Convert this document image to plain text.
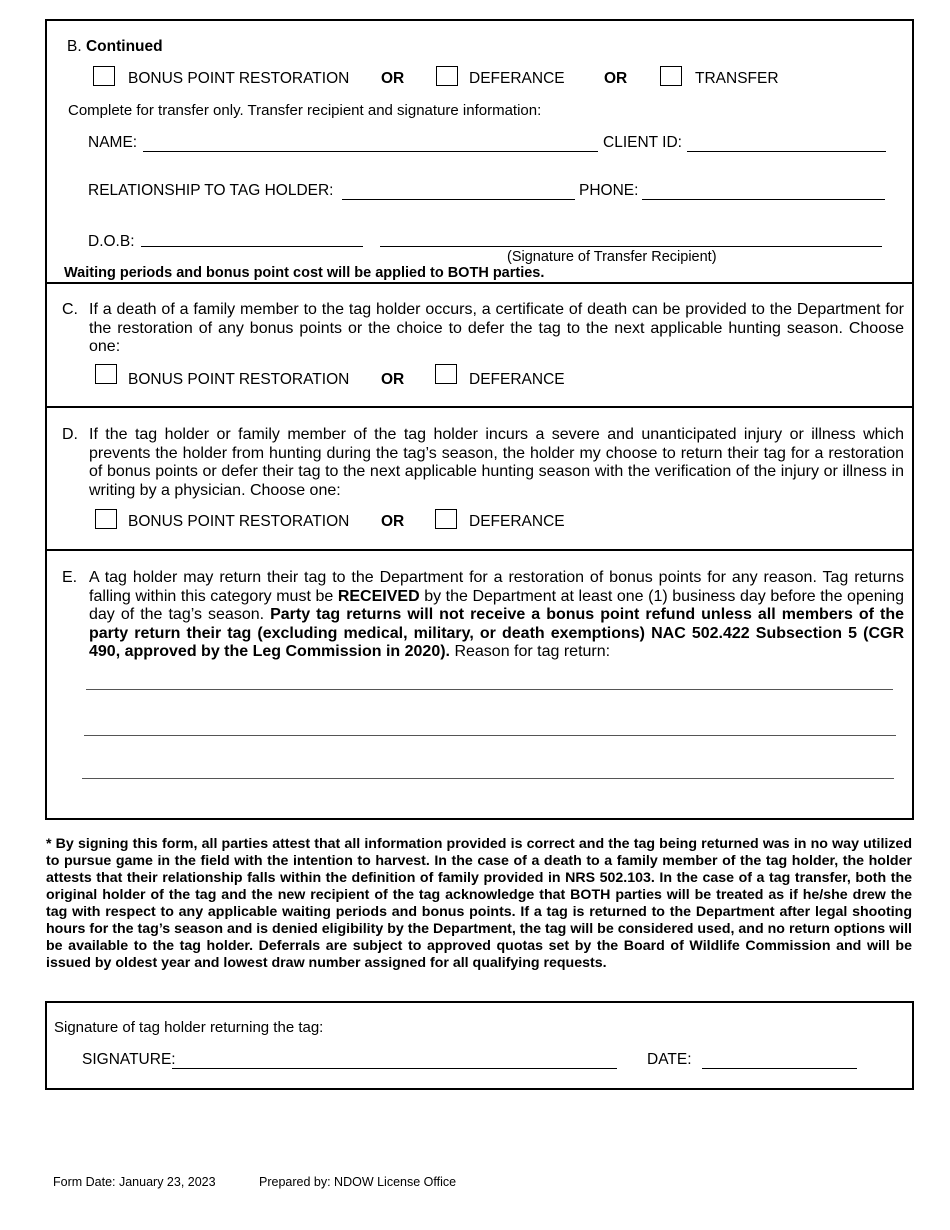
B. Continued
BONUS POINT RESTORATION OR	DEFERANCE	OR	TRANSFER
Complete for transfer only. Transfer recipient and signature information:
NAME:	CLIENT ID:
RELATIONSHIP TO TAG HOLDER:	PHONE:
D.O.B:
(Signature of Transfer Recipient)
Waiting periods and bonus point cost will be applied to BOTH parties.
C. If a death of a family member to the tag holder occurs, a certificate of death can be provided to the Department for the restoration of any bonus points or the choice to defer the tag to the next applicable hunting season. Choose one:
BONUS POINT RESTORATION OR	DEFERANCE
D. If the tag holder or family member of the tag holder incurs a severe and unanticipated injury or illness which prevents the holder from hunting during the tag’s season, the holder my choose to return their tag for a restoration of bonus points or defer their tag to the next applicable hunting season with the verification of the injury or illness in writing by a physician. Choose one:
BONUS POINT RESTORATION OR	DEFERANCE
E. A tag holder may return their tag to the Department for a restoration of bonus points for any reason. Tag returns falling within this category must be RECEIVED by the Department at least one (1) business day before the opening day of the tag’s season. Party tag returns will not receive a bonus point refund unless all members of the party return their tag (excluding medical, military, or death exemptions) NAC 502.422 Subsection 5 (CGR 490, approved by the Leg Commission in 2020). Reason for tag return:
* By signing this form, all parties attest that all information provided is correct and the tag being returned was in no way utilized to pursue game in the field with the intention to harvest. In the case of a death to a family member of the tag holder, the holder attests that their relationship falls within the definition of family provided in NRS 502.103. In the case of a tag transfer, both the original holder of the tag and the new recipient of the tag acknowledge that BOTH parties will be treated as if he/she drew the tag with respect to any applicable waiting periods and bonus points. If a tag is returned to the Department after legal shooting hours for the tag’s season and is denied eligibility by the Department, the tag will be considered used, and no return options will be available to the tag holder. Deferrals are subject to approved quotas set by the Board of Wildlife Commission and will be issued by oldest year and lowest draw number assigned for all qualifying requests.
Signature of tag holder returning the tag:
SIGNATURE:	DATE:
Form Date: January 23, 2023	Prepared by: NDOW License Office
